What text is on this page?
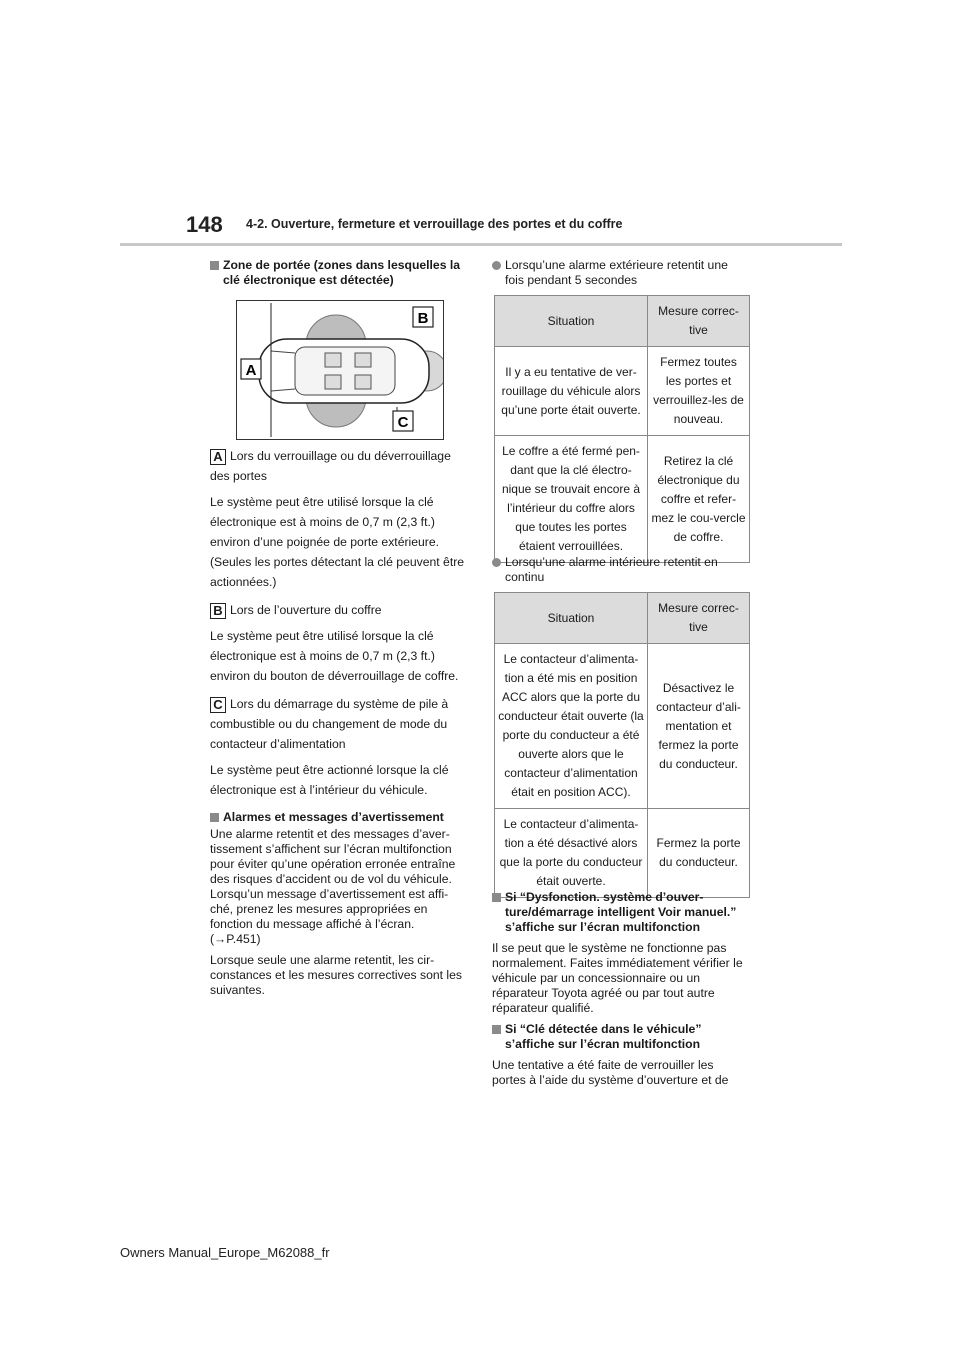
148 4-2. Ouverture, fermeture et verrouillage des portes et du coffre
Zone de portée (zones dans lesquelles la clé électronique est détectée)
A
B
C
A Lors du verrouillage ou du déverrouillage des portes

Le système peut être utilisé lorsque la clé électronique est à moins de 0,7 m (2,3 ft.) environ d’une poignée de porte extérieure. (Seules les portes détectant la clé peuvent être actionnées.)

B Lors de l’ouverture du coffre

Le système peut être utilisé lorsque la clé électronique est à moins de 0,7 m (2,3 ft.) environ du bouton de déverrouillage de coffre.

C Lors du démarrage du système de pile à combustible ou du changement de mode du contacteur d’alimentation

Le système peut être actionné lorsque la clé électronique est à l’intérieur du véhicule.

Alarmes et messages d’avertissement

Une alarme retentit et des messages d’aver-tissement s’affichent sur l’écran multifonction pour éviter qu’une opération erronée entraîne des risques d’accident ou de vol du véhicule. Lorsqu’un message d’avertissement est affi-ché, prenez les mesures appropriées en fonction du message affiché à l’écran. (→P.451)

Lorsque seule une alarme retentit, les cir-constances et les mesures correctives sont les suivantes.

Lorsqu’une alarme extérieure retentit une fois pendant 5 secondes
Situation	Mesure correc-tive
Il y a eu tentative de ver-rouillage du véhicule alors qu’une porte était ouverte.	Fermez toutes les portes et verrouillez-les de nouveau.
Le coffre a été fermé pen-dant que la clé électro-nique se trouvait encore à l’intérieur du coffre alors que toutes les portes étaient verrouillées.	Retirez la clé électronique du coffre et refer-mez le cou-vercle de coffre.
Lorsqu’une alarme intérieure retentit en continu
Situation	Mesure correc-tive
Le contacteur d’alimenta-tion a été mis en position ACC alors que la porte du conducteur était ouverte (la porte du conducteur a été ouverte alors que le contacteur d’alimentation était en position ACC).	Désactivez le contacteur d’ali-mentation et fermez la porte du conducteur.
Le contacteur d’alimenta-tion a été désactivé alors que la porte du conducteur était ouverte.	Fermez la porte du conducteur.
Si “Dysfonction. système d’ouver-ture/démarrage intelligent Voir manuel.” s’affiche sur l’écran multifonction

Il se peut que le système ne fonctionne pas normalement. Faites immédiatement vérifier le véhicule par un concessionnaire ou un réparateur Toyota agréé ou par tout autre réparateur qualifié.

Si “Clé détectée dans le véhicule” s’affiche sur l’écran multifonction

Une tentative a été faite de verrouiller les portes à l’aide du système d’ouverture et de

Owners Manual_Europe_M62088_fr
